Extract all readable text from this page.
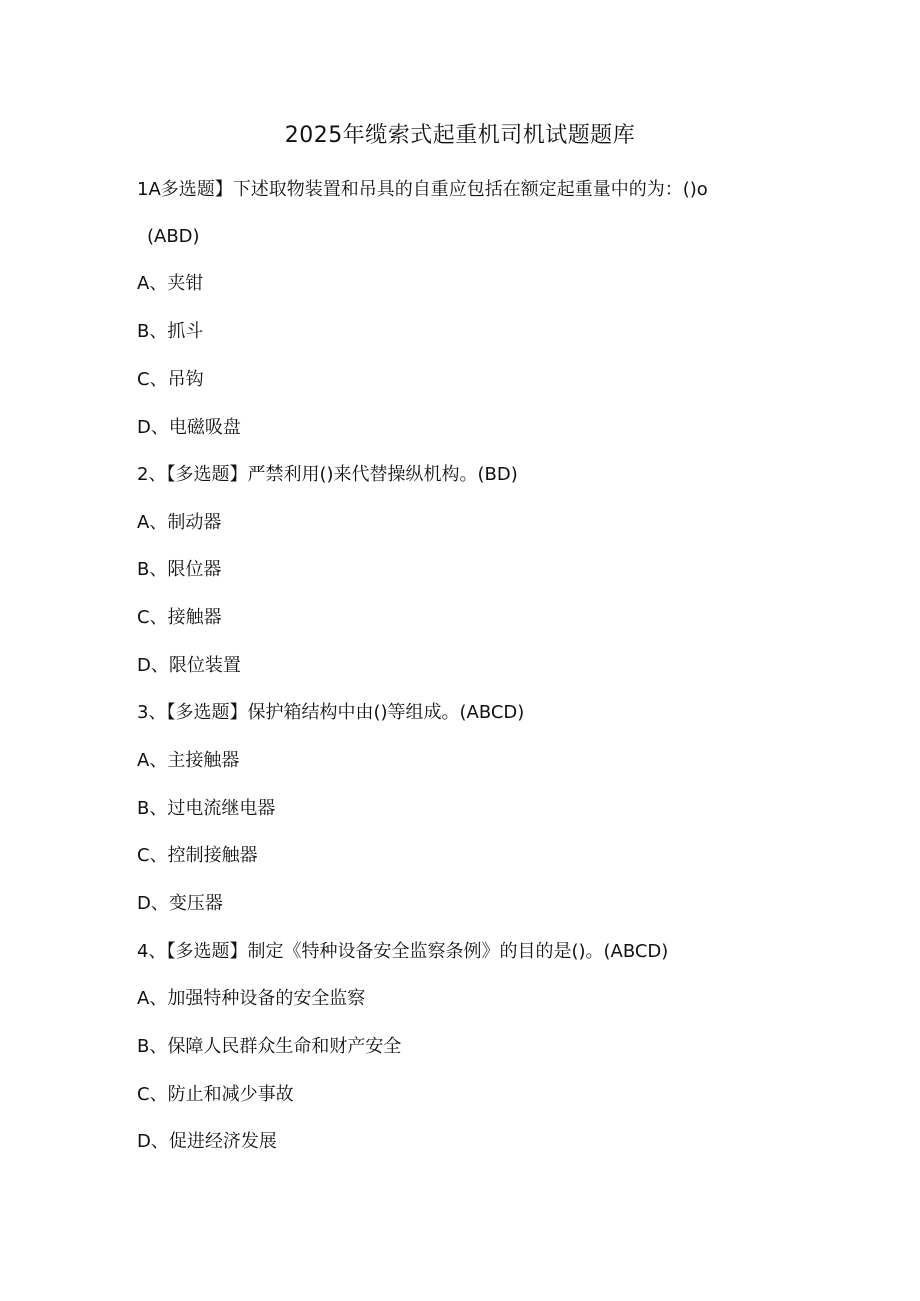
2025年缆索式起重机司机试题题库
1A多选题】下述取物装置和吊具的自重应包括在额定起重量中的为：()o
(ABD)
A、夹钳
B、抓斗
C、吊钩
D、电磁吸盘
2、【多选题】严禁利用()来代替操纵机构。(BD)
A、制动器
B、限位器
C、接触器
D、限位装置
3、【多选题】保护箱结构中由()等组成。(ABCD)
A、主接触器
B、过电流继电器
C、控制接触器
D、变压器
4、【多选题】制定《特种设备安全监察条例》的目的是()。(ABCD)
A、加强特种设备的安全监察
B、保障人民群众生命和财产安全
C、防止和减少事故
D、促进经济发展
